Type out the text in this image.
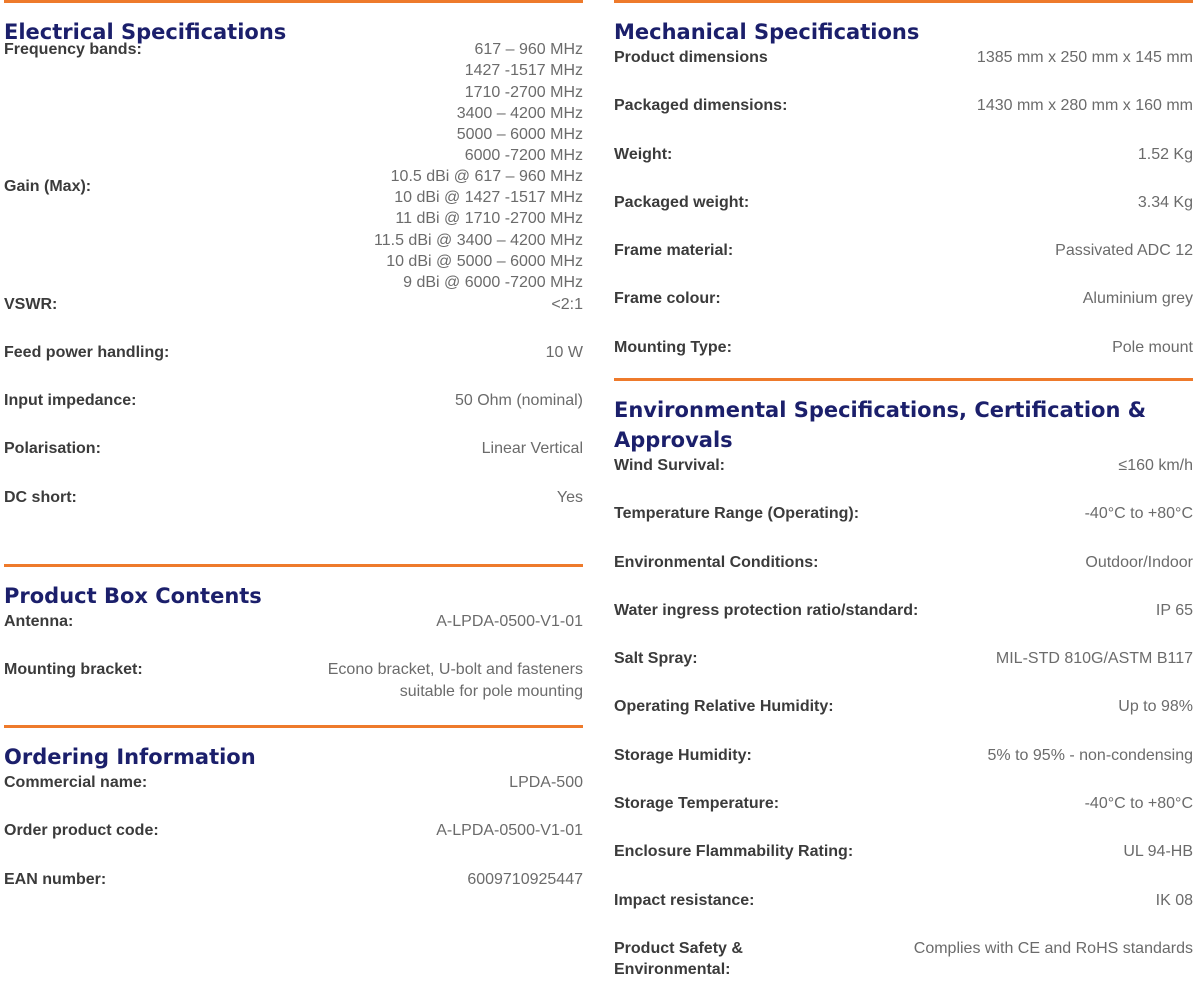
Electrical Specifications
Frequency bands:	617 – 960 MHz
1427 -1517 MHz
1710 -2700 MHz
3400 – 4200 MHz
5000 – 6000 MHz
6000 -7200 MHz
Gain (Max):
10.5 dBi @ 617 – 960 MHz
10 dBi @ 1427 -1517 MHz
11 dBi @ 1710 -2700 MHz
11.5 dBi @ 3400 – 4200 MHz
10 dBi @ 5000 – 6000 MHz
9 dBi @ 6000 -7200 MHz
VSWR:	<2:1
Feed power handling:	10 W
Input impedance:	50 Ohm (nominal)
Polarisation:	Linear Vertical
DC short:	Yes
Product Box Contents
Antenna:	A-LPDA-0500-V1-01
Mounting bracket:	Econo bracket, U-bolt and fasteners
suitable for pole mounting
Ordering Information
Commercial name:	LPDA-500
Order product code:	A-LPDA-0500-V1-01
EAN number:	6009710925447
Mechanical Specifications
Product dimensions	1385 mm x 250 mm x 145 mm
Packaged dimensions:	1430 mm x 280 mm x 160 mm
Weight:	1.52 Kg
Packaged weight:	3.34 Kg
Frame material:	Passivated ADC 12
Frame colour:	Aluminium grey
Mounting Type:	Pole mount
Environmental Specifications, Certification &
Approvals
Wind Survival:	≤160 km/h
Temperature Range (Operating):	-40°C to +80°C
Environmental Conditions:	Outdoor/Indoor
Water ingress protection ratio/standard:	IP 65
Salt Spray:	MIL-STD 810G/ASTM B117
Operating Relative Humidity:	Up to 98%
Storage Humidity:	5% to 95% - non-condensing
Storage Temperature:	-40°C to +80°C
Enclosure Flammability Rating:	UL 94-HB
Impact resistance:	IK 08
Product Safety &
Environmental:
Complies with CE and RoHS standards
